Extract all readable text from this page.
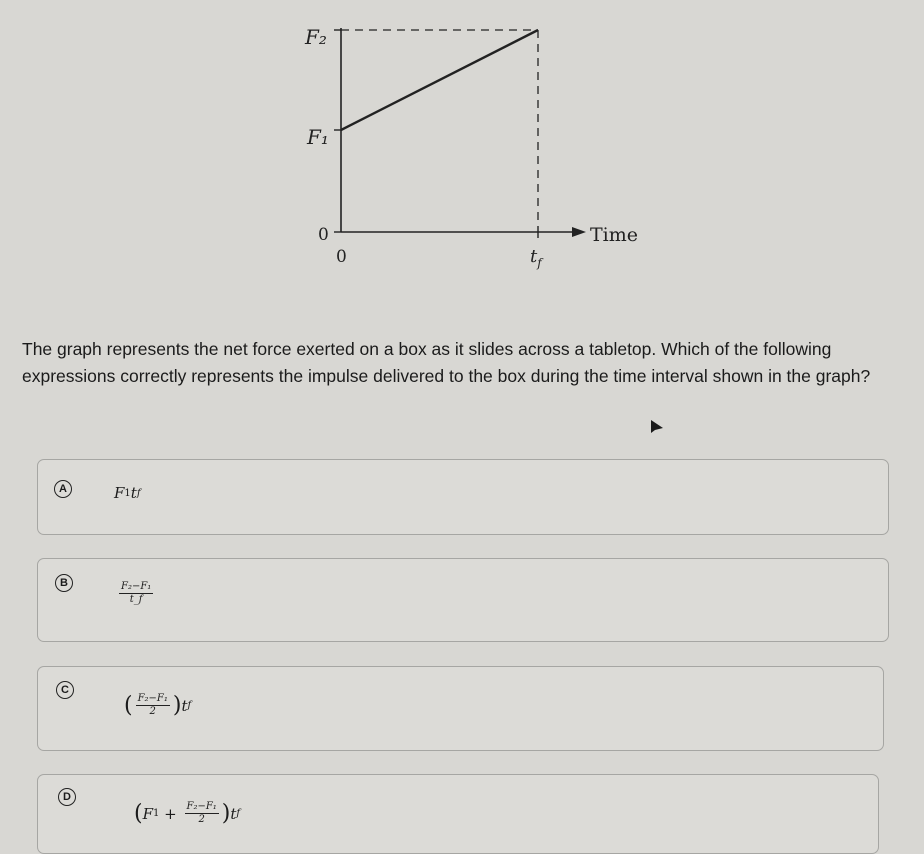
F₂
F₁
0
0	$t_f$
Time
The graph represents the net force exerted on a box as it slides across a tabletop. Which of the following expressions correctly represents the impulse delivered to the box during the time interval shown in the graph?
A	F 1 t f
B	$\frac{\text{F₂−F₁}}{t\_f}$
C
( $\frac{\text{F₂−F₁}}{2}$ ) t f
D
( F $1 + \frac{\text{F₂−F₁}}{2}$ ) t f
